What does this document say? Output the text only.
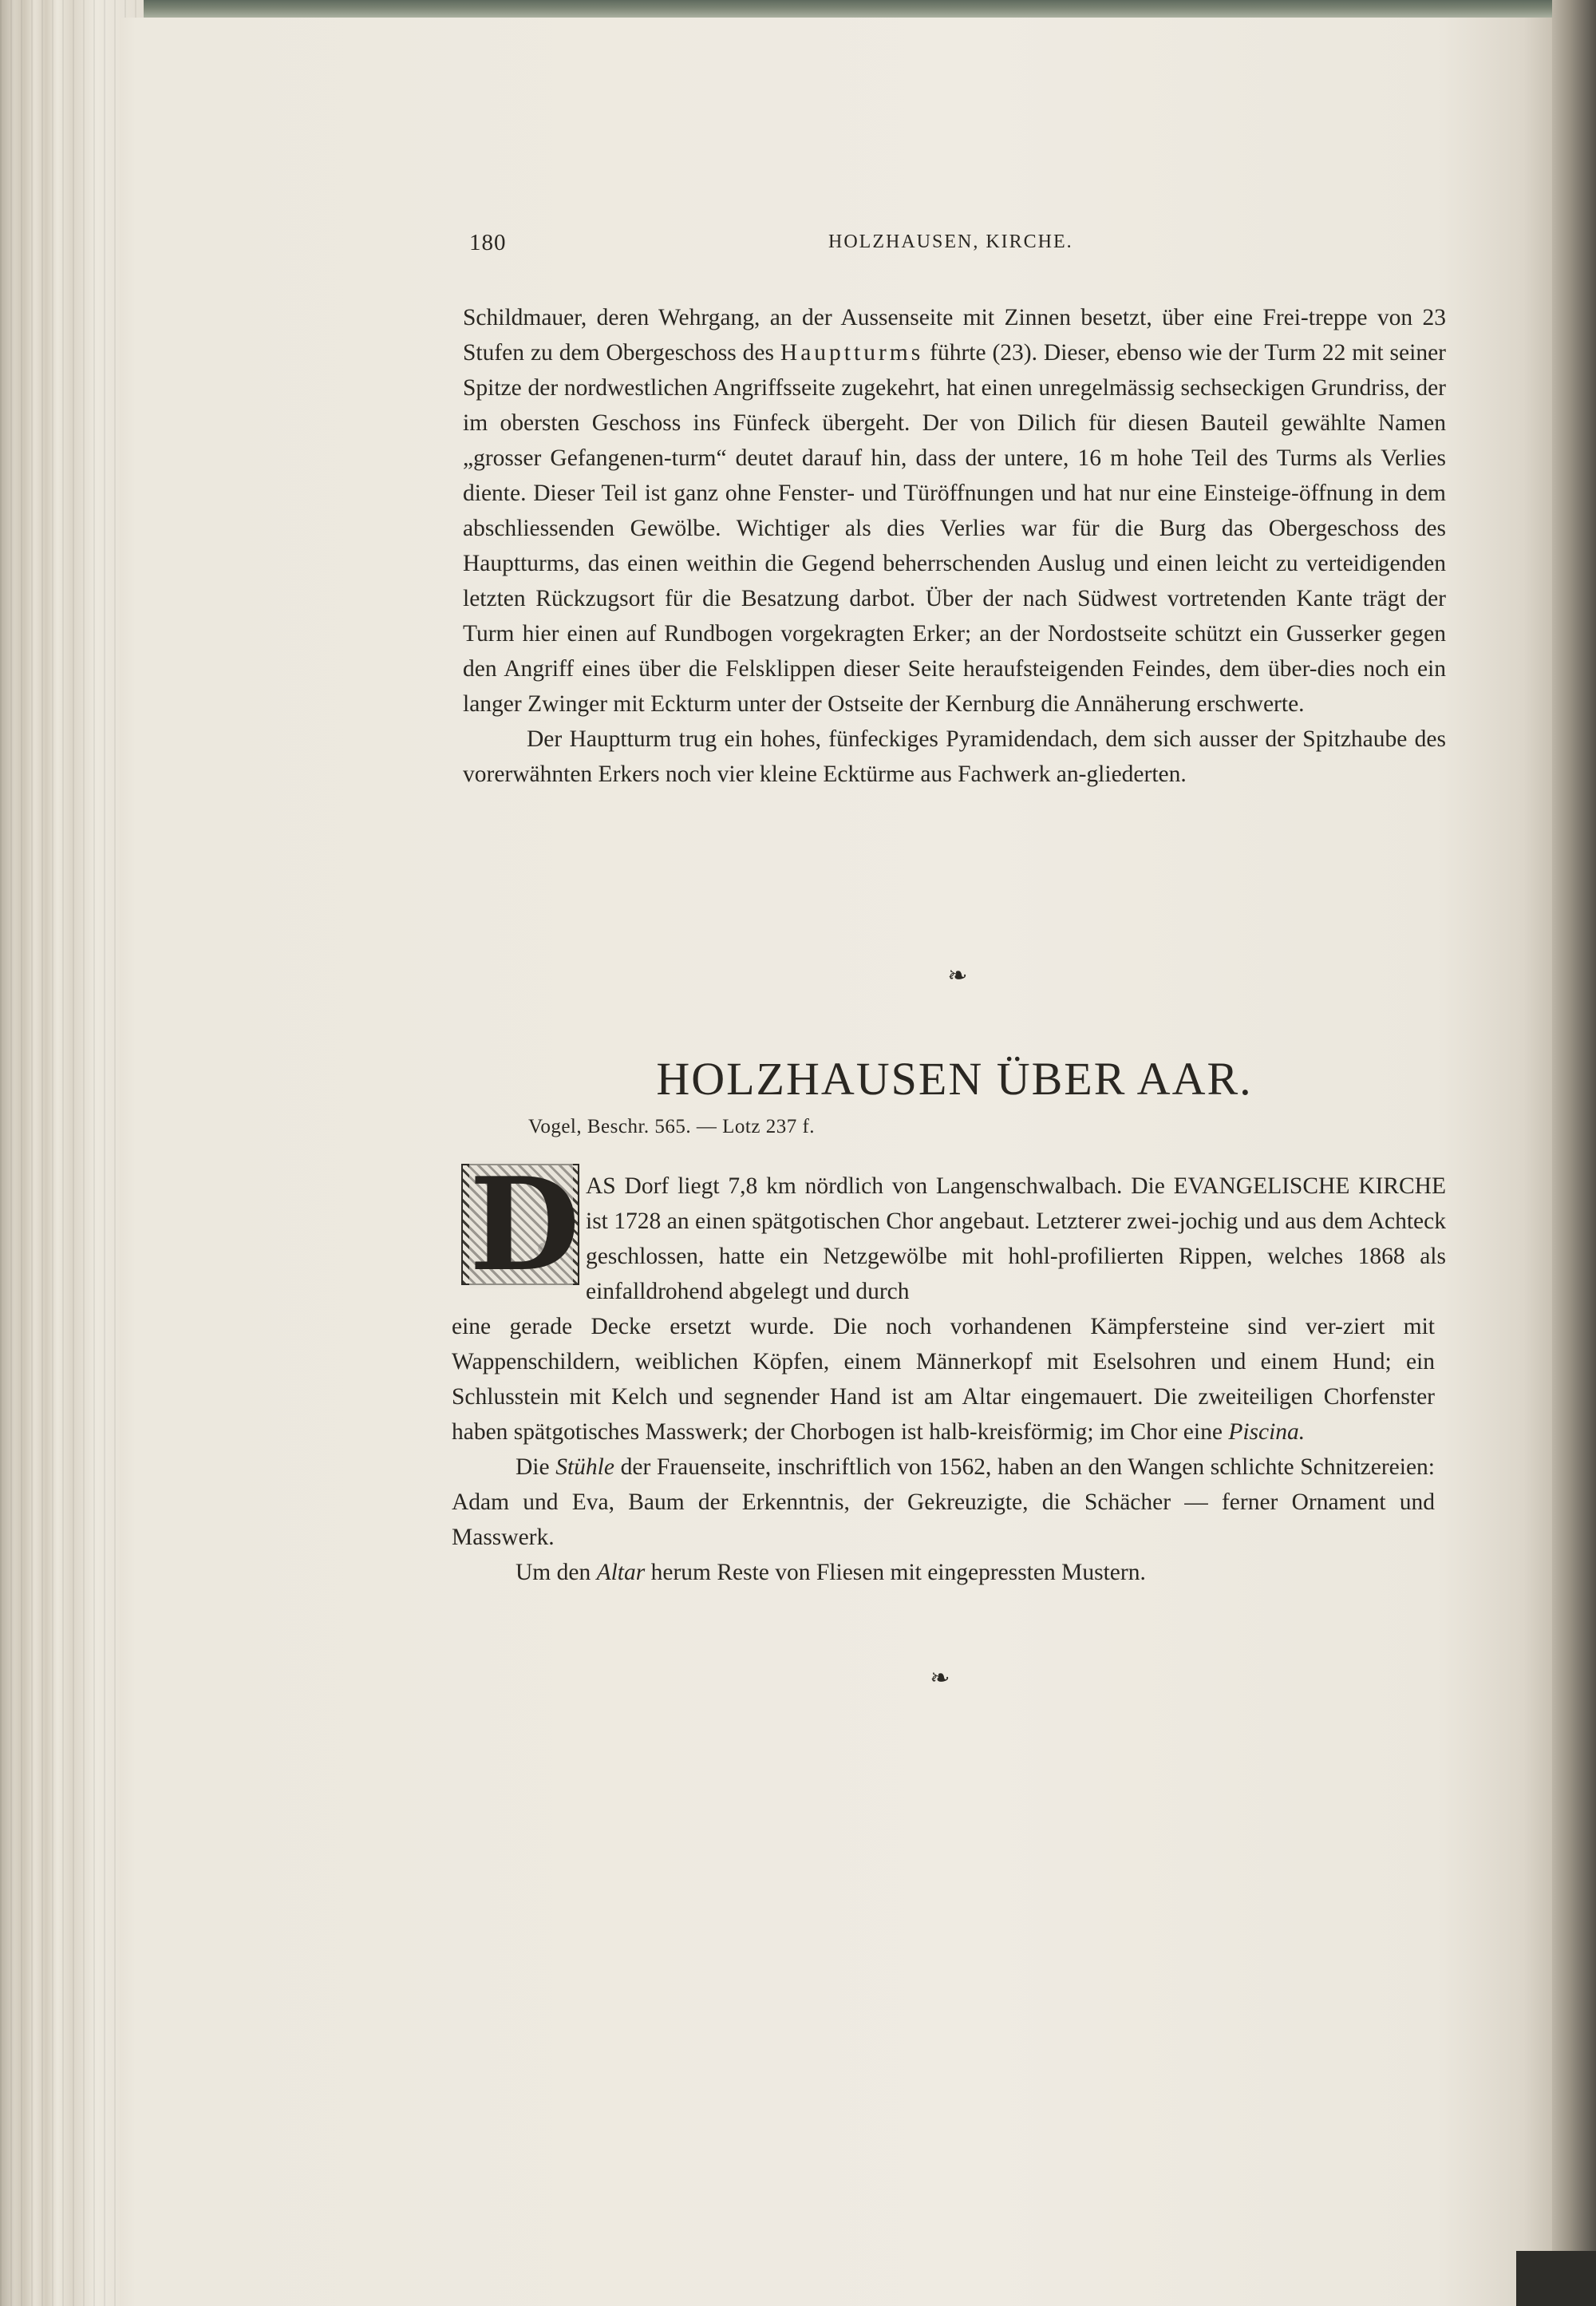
180	HOLZHAUSEN, KIRCHE.

Schildmauer, deren Wehrgang, an der Aussenseite mit Zinnen besetzt, über eine Frei-treppe von 23 Stufen zu dem Obergeschoss des Hauptturms führte (23). Dieser, ebenso wie der Turm 22 mit seiner Spitze der nordwestlichen Angriffsseite zugekehrt, hat einen unregelmässig sechseckigen Grundriss, der im obersten Geschoss ins Fünfeck übergeht. Der von Dilich für diesen Bauteil gewählte Namen „grosser Gefangenen-turm“ deutet darauf hin, dass der untere, 16 m hohe Teil des Turms als Verlies diente. Dieser Teil ist ganz ohne Fenster- und Türöffnungen und hat nur eine Einsteige-öffnung in dem abschliessenden Gewölbe. Wichtiger als dies Verlies war für die Burg das Obergeschoss des Hauptturms, das einen weithin die Gegend beherrschenden Auslug und einen leicht zu verteidigenden letzten Rückzugsort für die Besatzung darbot. Über der nach Südwest vortretenden Kante trägt der Turm hier einen auf Rundbogen vorgekragten Erker; an der Nordostseite schützt ein Gusserker gegen den Angriff eines über die Felsklippen dieser Seite heraufsteigenden Feindes, dem über-dies noch ein langer Zwinger mit Eckturm unter der Ostseite der Kernburg die Annäherung erschwerte.

Der Hauptturm trug ein hohes, fünfeckiges Pyramidendach, dem sich ausser der Spitzhaube des vorerwähnten Erkers noch vier kleine Ecktürme aus Fachwerk an-gliederten.

❧
HOLZHAUSEN ÜBER AAR.
Vogel, Beschr. 565. — Lotz 237 f.
D AS Dorf liegt 7,8 km nördlich von Langenschwalbach. Die EVANGELISCHE KIRCHE ist 1728 an einen spätgotischen Chor angebaut. Letzterer zwei-jochig und aus dem Achteck geschlossen, hatte ein Netzgewölbe mit hohl-profilierten Rippen, welches 1868 als einfalldrohend abgelegt und durch

eine gerade Decke ersetzt wurde. Die noch vorhandenen Kämpfersteine sind ver-ziert mit Wappenschildern, weiblichen Köpfen, einem Männerkopf mit Eselsohren und einem Hund; ein Schlusstein mit Kelch und segnender Hand ist am Altar eingemauert. Die zweiteiligen Chorfenster haben spätgotisches Masswerk; der Chorbogen ist halb-kreisförmig; im Chor eine Piscina.

Die Stühle der Frauenseite, inschriftlich von 1562, haben an den Wangen schlichte Schnitzereien: Adam und Eva, Baum der Erkenntnis, der Gekreuzigte, die Schächer — ferner Ornament und Masswerk.

Um den Altar herum Reste von Fliesen mit eingepressten Mustern.

❧
